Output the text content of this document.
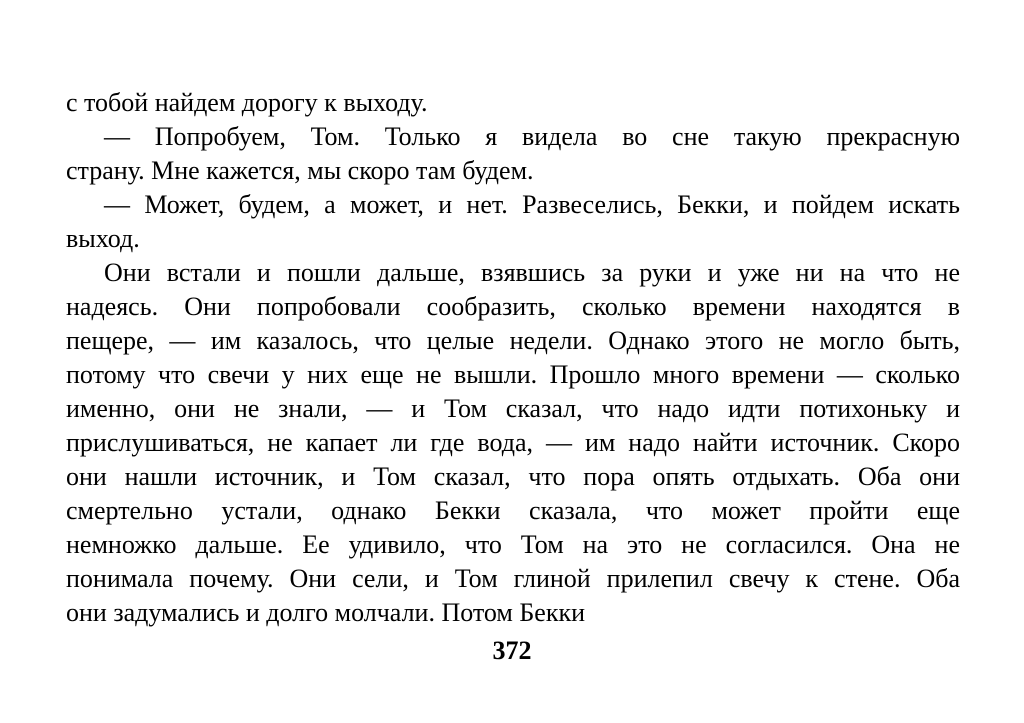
с тобой найдем дорогу к выходу.
— Попробуем, Том. Только я видела во сне такую прекрасную
страну. Мне кажется, мы скоро там будем.
— Может, будем, а может, и нет. Развеселись, Бекки, и пойдем искать
выход.
Они встали и пошли дальше, взявшись за руки и уже ни на что не
надеясь. Они попробовали сообразить, сколько времени находятся в
пещере, — им казалось, что целые недели. Однако этого не могло быть,
потому что свечи у них еще не вышли. Прошло много времени — сколько
именно, они не знали, — и Том сказал, что надо идти потихоньку и
прислушиваться, не капает ли где вода, — им надо найти источник. Скоро
они нашли источник, и Том сказал, что пора опять отдыхать. Оба они
смертельно устали, однако Бекки сказала, что может пройти еще
немножко дальше. Ее удивило, что Том на это не согласился. Она не
понимала почему. Они сели, и Том глиной прилепил свечу к стене. Оба
они задумались и долго молчали. Потом Бекки
372
